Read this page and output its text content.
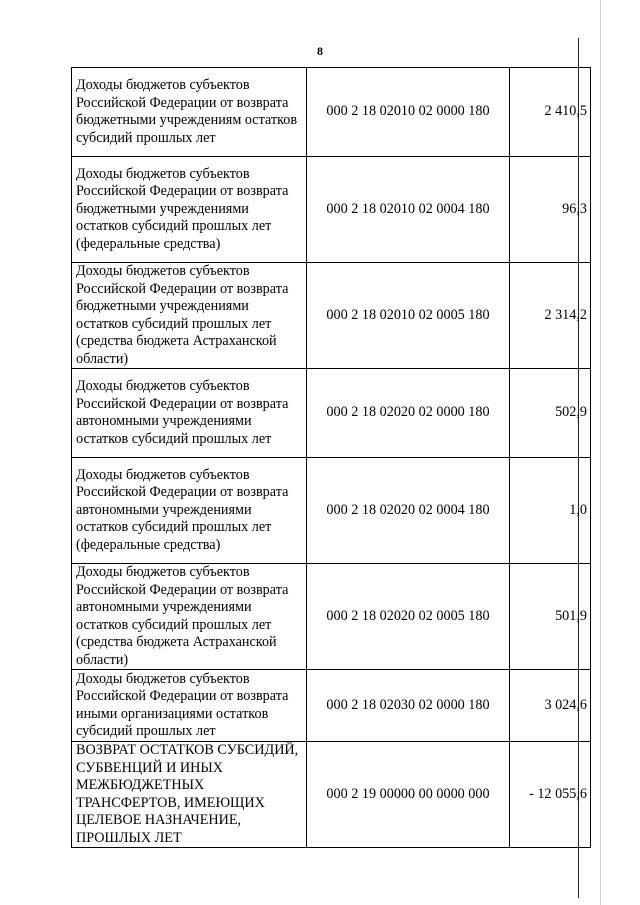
8
Доходы бюджетов субъектов Российской Федерации от возврата бюджетными учреждениям остатков субсидий прошлых лет	000 2 18 02010 02 0000 180	2 410,5
Доходы бюджетов субъектов Российской Федерации от возврата бюджетными учреждениями остатков субсидий прошлых лет (федеральные средства)	000 2 18 02010 02 0004 180	96,3
Доходы бюджетов субъектов Российской Федерации от возврата бюджетными учреждениями остатков субсидий прошлых лет (средства бюджета Астраханской области)	000 2 18 02010 02 0005 180	2 314,2
Доходы бюджетов субъектов Российской Федерации от возврата автономными учреждениями остатков субсидий прошлых лет	000 2 18 02020 02 0000 180	502,9
Доходы бюджетов субъектов Российской Федерации от возврата автономными учреждениями остатков субсидий прошлых лет (федеральные средства)	000 2 18 02020 02 0004 180	1,0
Доходы бюджетов субъектов Российской Федерации от возврата автономными учреждениями остатков субсидий прошлых лет (средства бюджета Астраханской области)	000 2 18 02020 02 0005 180	501,9
Доходы бюджетов субъектов Российской Федерации от возврата иными организациями остатков субсидий прошлых лет	000 2 18 02030 02 0000 180	3 024,6
ВОЗВРАТ ОСТАТКОВ СУБСИДИЙ, СУБВЕНЦИЙ И ИНЫХ МЕЖБЮДЖЕТНЫХ ТРАНСФЕРТОВ, ИМЕЮЩИХ ЦЕЛЕВОЕ НАЗНАЧЕНИЕ, ПРОШЛЫХ ЛЕТ	000 2 19 00000 00 0000 000	- 12 055,6
